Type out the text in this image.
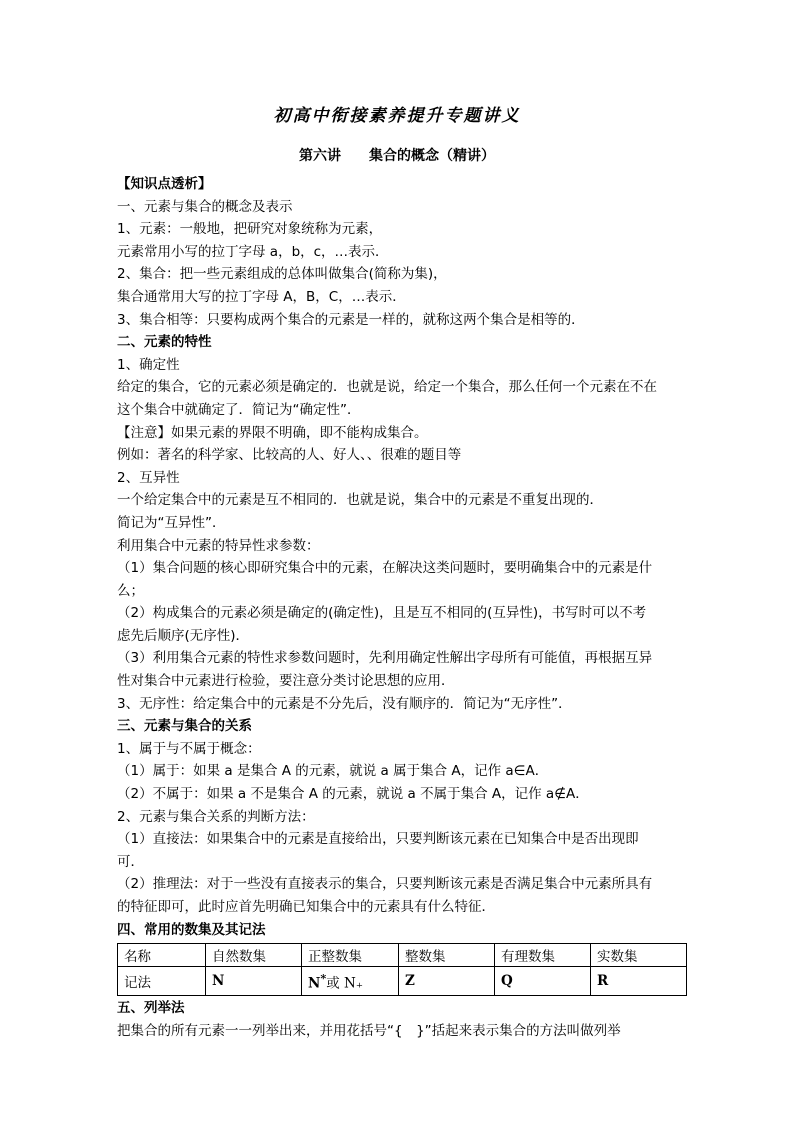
初高中衔接素养提升专题讲义
第六讲 集合的概念（精讲）
【知识点透析】
一、元素与集合的概念及表示
1、元素：一般地，把研究对象统称为元素，
元素常用小写的拉丁字母 a，b，c，…表示．
2、集合：把一些元素组成的总体叫做集合(简称为集)，
集合通常用大写的拉丁字母 A，B，C，…表示．
3、集合相等：只要构成两个集合的元素是一样的，就称这两个集合是相等的．
二、元素的特性
1、确定性
给定的集合，它的元素必须是确定的．也就是说，给定一个集合，那么任何一个元素在不在
这个集合中就确定了．简记为“确定性”．
【注意】如果元素的界限不明确，即不能构成集合。
例如：著名的科学家、比较高的人、好人、、很难的题目等
2、互异性
一个给定集合中的元素是互不相同的．也就是说，集合中的元素是不重复出现的．
简记为“互异性”．
利用集合中元素的特异性求参数：
（1）集合问题的核心即研究集合中的元素，在解决这类问题时，要明确集合中的元素是什
么；
（2）构成集合的元素必须是确定的(确定性)，且是互不相同的(互异性)，书写时可以不考
虑先后顺序(无序性)．
（3）利用集合元素的特性求参数问题时，先利用确定性解出字母所有可能值，再根据互异
性对集合中元素进行检验，要注意分类讨论思想的应用．
3、无序性：给定集合中的元素是不分先后，没有顺序的．简记为“无序性”．
三、元素与集合的关系
1、属于与不属于概念：
（1）属于：如果 a 是集合 A 的元素，就说 a 属于集合 A，记作 a∈A．
（2）不属于：如果 a 不是集合 A 的元素，就说 a 不属于集合 A，记作 a∉A．
2、元素与集合关系的判断方法：
（1）直接法：如果集合中的元素是直接给出，只要判断该元素在已知集合中是否出现即
可．
（2）推理法：对于一些没有直接表示的集合，只要判断该元素是否满足集合中元素所具有
的特征即可，此时应首先明确已知集合中的元素具有什么特征．
四、常用的数集及其记法
名称	自然数集	正整数集	整数集	有理数集	实数集
记法	N	N*或 N₊	Z	Q	R
五、列举法
把集合的所有元素一一列举出来，并用花括号“{　}”括起来表示集合的方法叫做列举
